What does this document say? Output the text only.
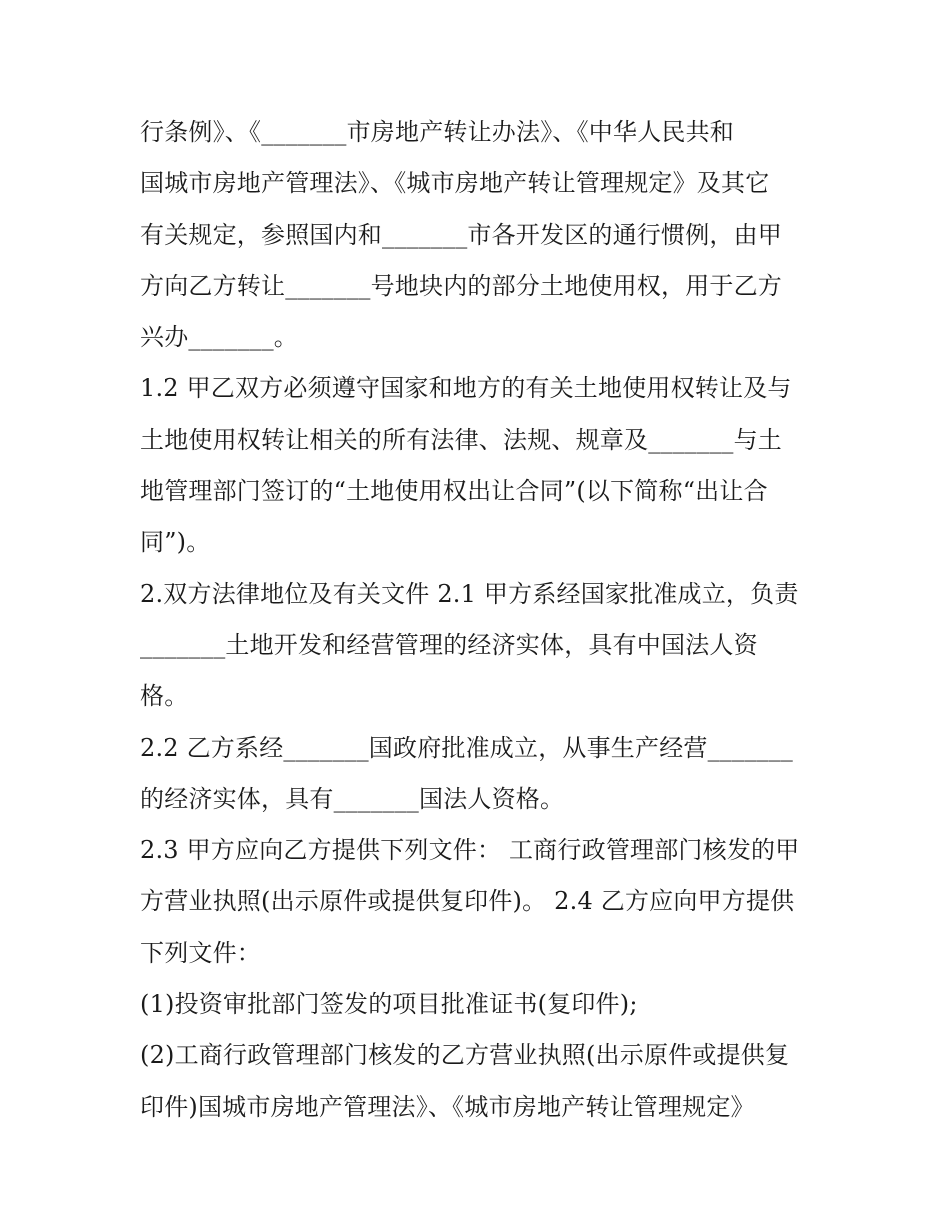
行条例》、《_______市房地产转让办法》、《中华人民共和
国城市房地产管理法》、《城市房地产转让管理规定》及其它
有关规定，参照国内和_______市各开发区的通行惯例，由甲
方向乙方转让_______号地块内的部分土地使用权，用于乙方
兴办_______。
1.2 甲乙双方必须遵守国家和地方的有关土地使用权转让及与
土地使用权转让相关的所有法律、法规、规章及_______与土
地管理部门签订的“土地使用权出让合同”(以下简称“出让合
同”)。
2.双方法律地位及有关文件 2.1 甲方系经国家批准成立，负责
_______土地开发和经营管理的经济实体，具有中国法人资
格。
2.2 乙方系经_______国政府批准成立，从事生产经营_______
的经济实体，具有_______国法人资格。
2.3 甲方应向乙方提供下列文件： 工商行政管理部门核发的甲
方营业执照(出示原件或提供复印件)。 2.4 乙方应向甲方提供
下列文件：
(1)投资审批部门签发的项目批准证书(复印件);
(2)工商行政管理部门核发的乙方营业执照(出示原件或提供复
印件)国城市房地产管理法》、《城市房地产转让管理规定》
